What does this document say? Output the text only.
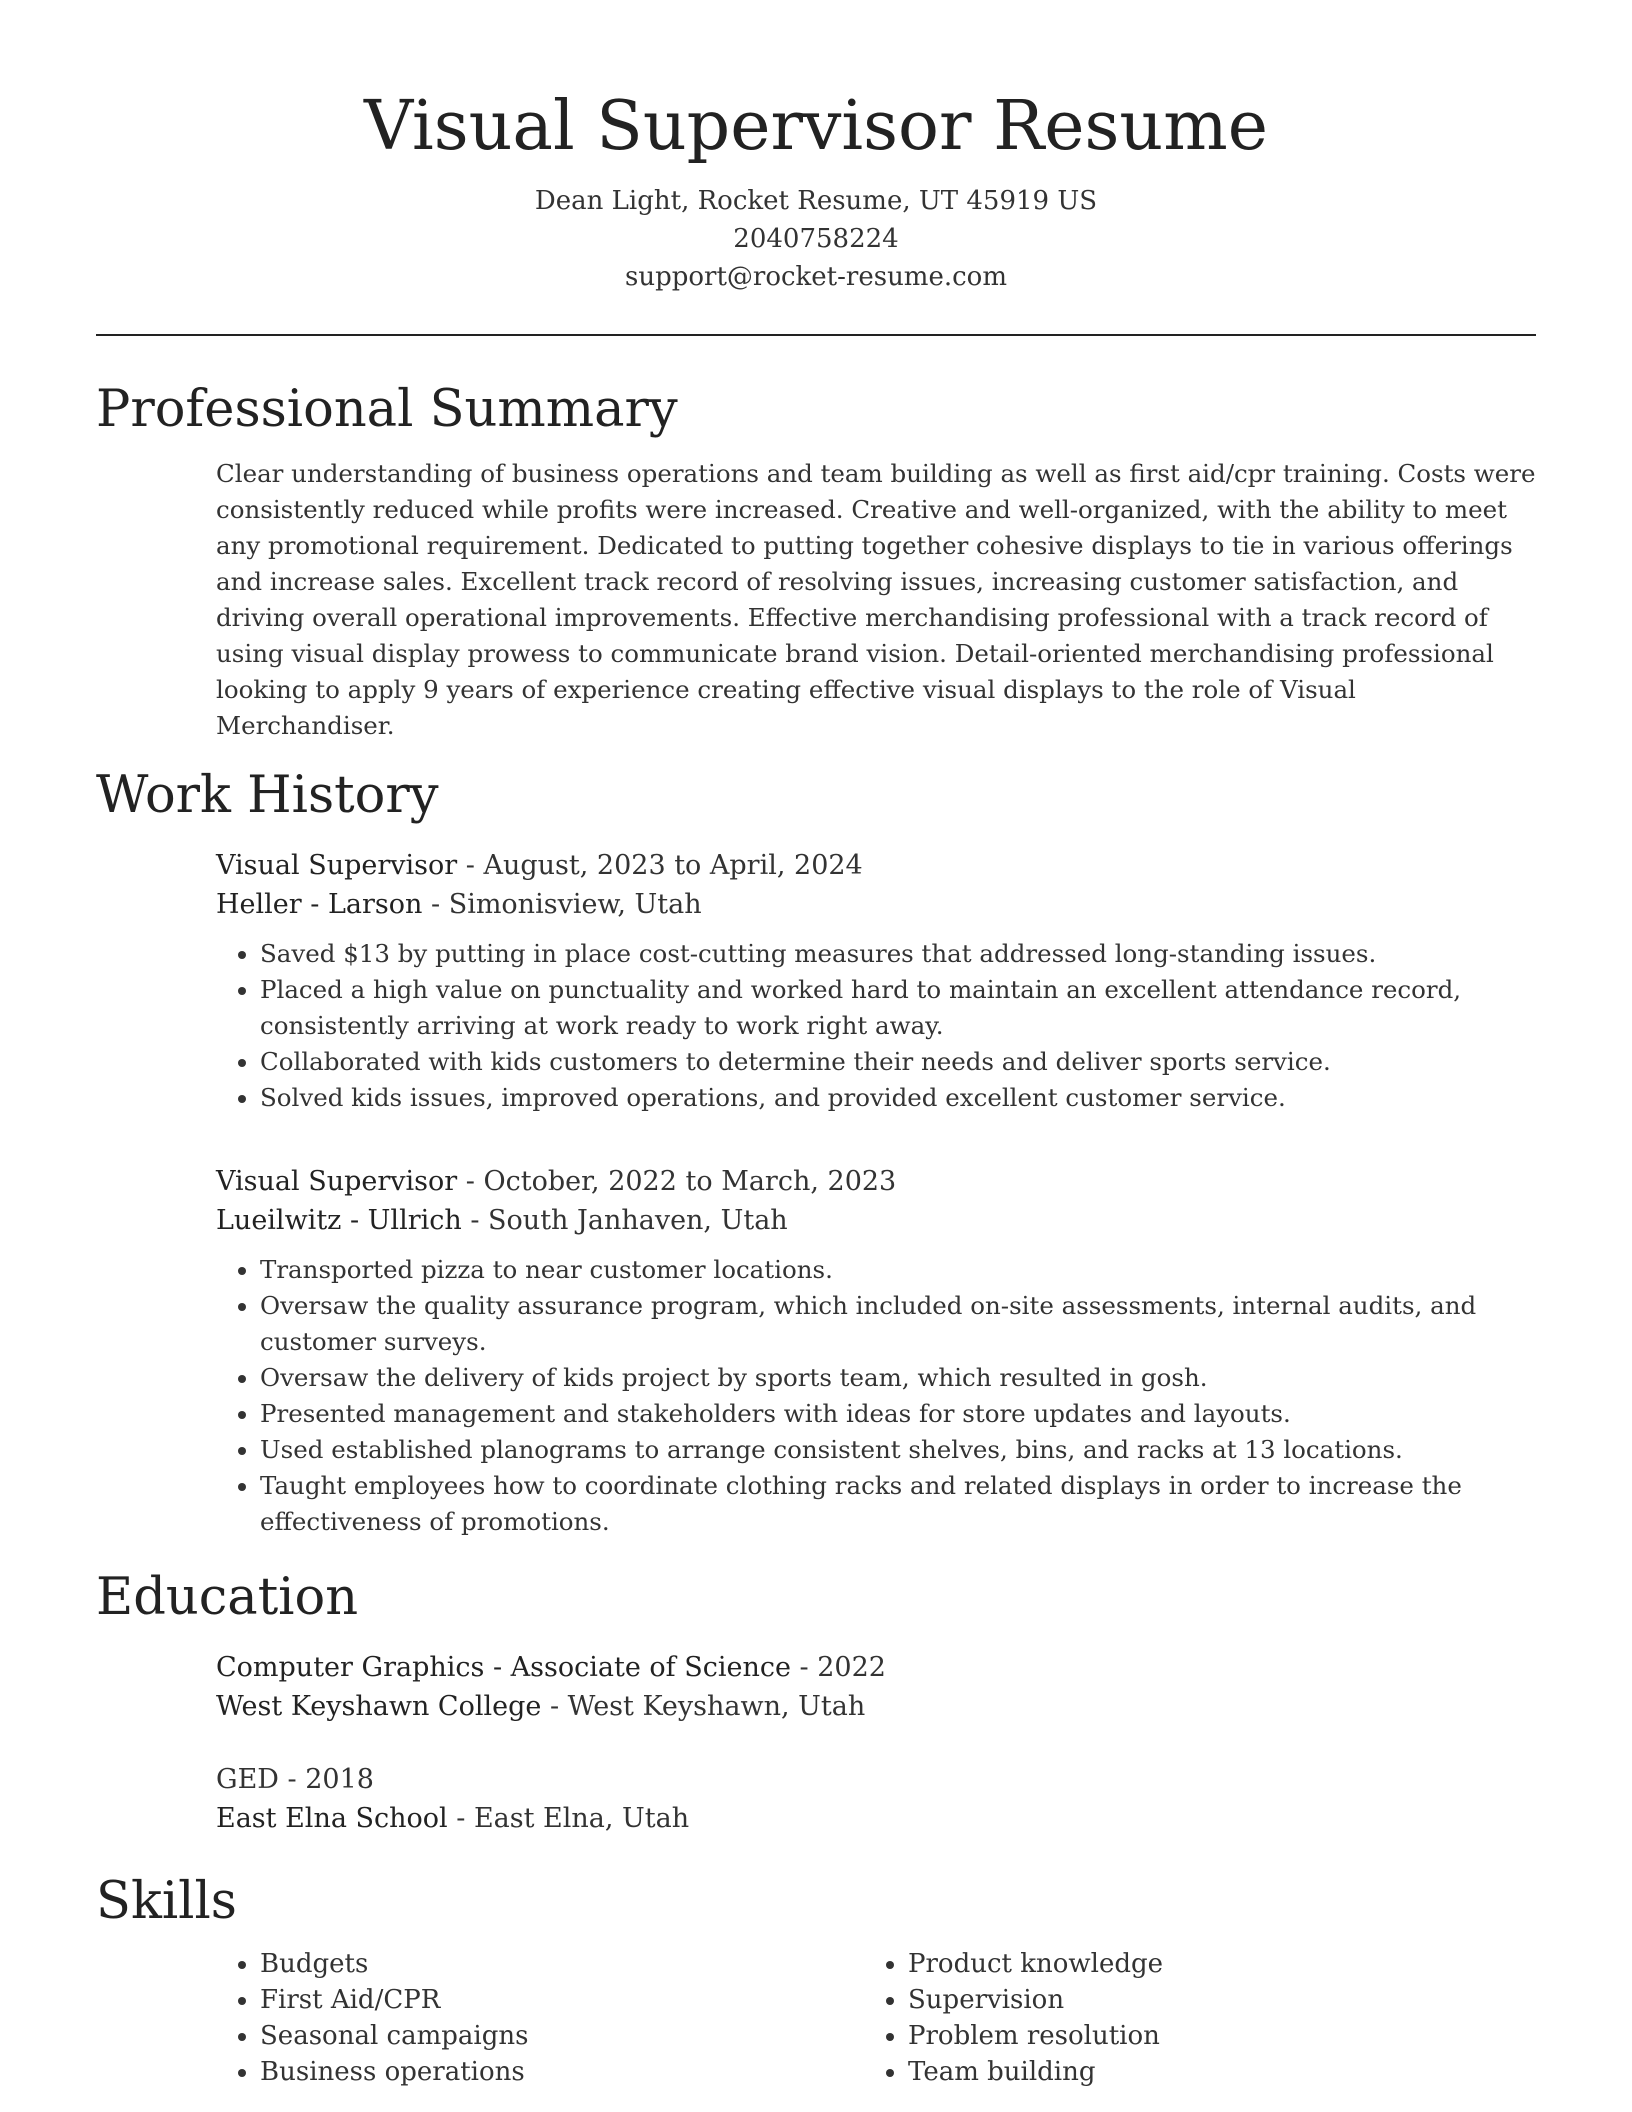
Visual Supervisor Resume
Dean Light, Rocket Resume, UT 45919 US
2040758224
support@rocket-resume.com
Professional Summary
Clear understanding of business operations and team building as well as first aid/cpr training. Costs were consistently reduced while profits were increased. Creative and well-organized, with the ability to meet any promotional requirement. Dedicated to putting together cohesive displays to tie in various offerings and increase sales. Excellent track record of resolving issues, increasing customer satisfaction, and driving overall operational improvements. Effective merchandising professional with a track record of using visual display prowess to communicate brand vision. Detail-oriented merchandising professional looking to apply 9 years of experience creating effective visual displays to the role of Visual Merchandiser.
Work History
Visual Supervisor - August, 2023 to April, 2024
Heller - Larson - Simonisview, Utah
• Saved $13 by putting in place cost-cutting measures that addressed long-standing issues.
• Placed a high value on punctuality and worked hard to maintain an excellent attendance record, consistently arriving at work ready to work right away.
• Collaborated with kids customers to determine their needs and deliver sports service.
• Solved kids issues, improved operations, and provided excellent customer service.
Visual Supervisor - October, 2022 to March, 2023
Lueilwitz - Ullrich - South Janhaven, Utah
• Transported pizza to near customer locations.
• Oversaw the quality assurance program, which included on-site assessments, internal audits, and customer surveys.
• Oversaw the delivery of kids project by sports team, which resulted in gosh.
• Presented management and stakeholders with ideas for store updates and layouts.
• Used established planograms to arrange consistent shelves, bins, and racks at 13 locations.
• Taught employees how to coordinate clothing racks and related displays in order to increase the effectiveness of promotions.
Education
Computer Graphics - Associate of Science - 2022
West Keyshawn College - West Keyshawn, Utah
GED - 2018
East Elna School - East Elna, Utah
Skills
• Budgets
• First Aid/CPR
• Seasonal campaigns
• Business operations
• Product knowledge
• Supervision
• Problem resolution
• Team building
